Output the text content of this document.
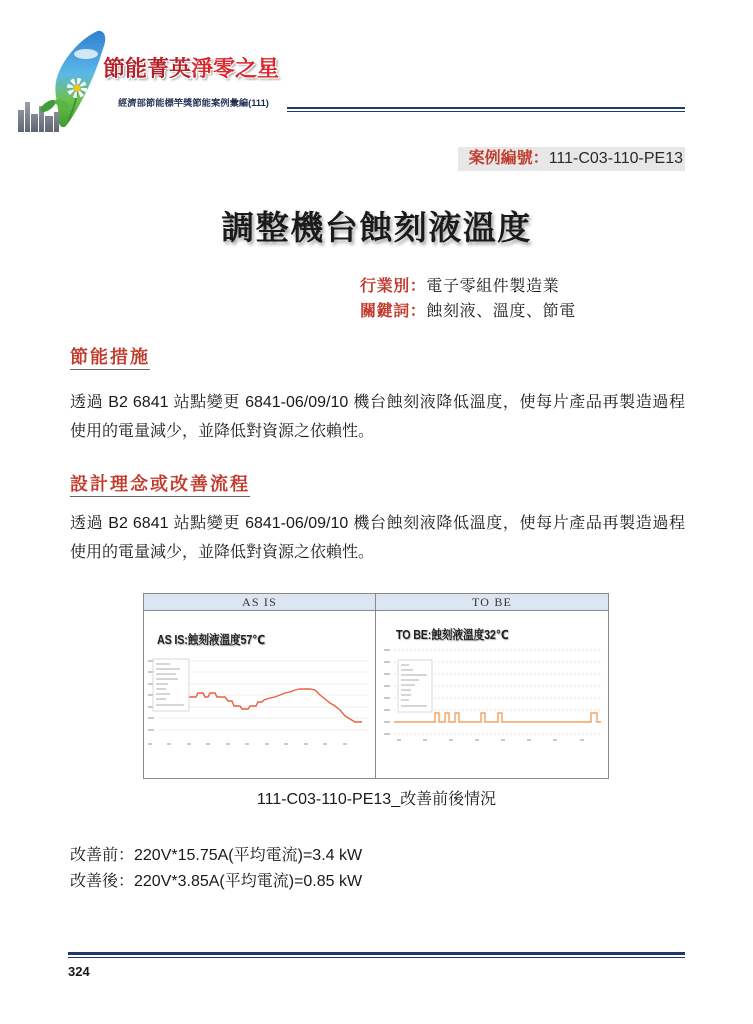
節能菁英淨零之星
經濟部節能標竿獎節能案例彙編(111)
案例編號：111-C03-110-PE13
調整機台蝕刻液溫度
行業別：電子零組件製造業
關鍵詞：蝕刻液、溫度、節電
節能措施
透過 B2 6841 站點變更 6841-06/09/10 機台蝕刻液降低溫度，使每片產品再製造過程
使用的電量減少，並降低對資源之依賴性。
設計理念或改善流程
透過 B2 6841 站點變更 6841-06/09/10 機台蝕刻液降低溫度，使每片產品再製造過程
使用的電量減少，並降低對資源之依賴性。
AS IS	TO BE
AS IS:蝕刻液溫度57℃	TO BE:蝕刻液溫度32℃
111-C03-110-PE13_改善前後情況
改善前：220V*15.75A(平均電流)=3.4 kW
改善後：220V*3.85A(平均電流)=0.85 kW
324
